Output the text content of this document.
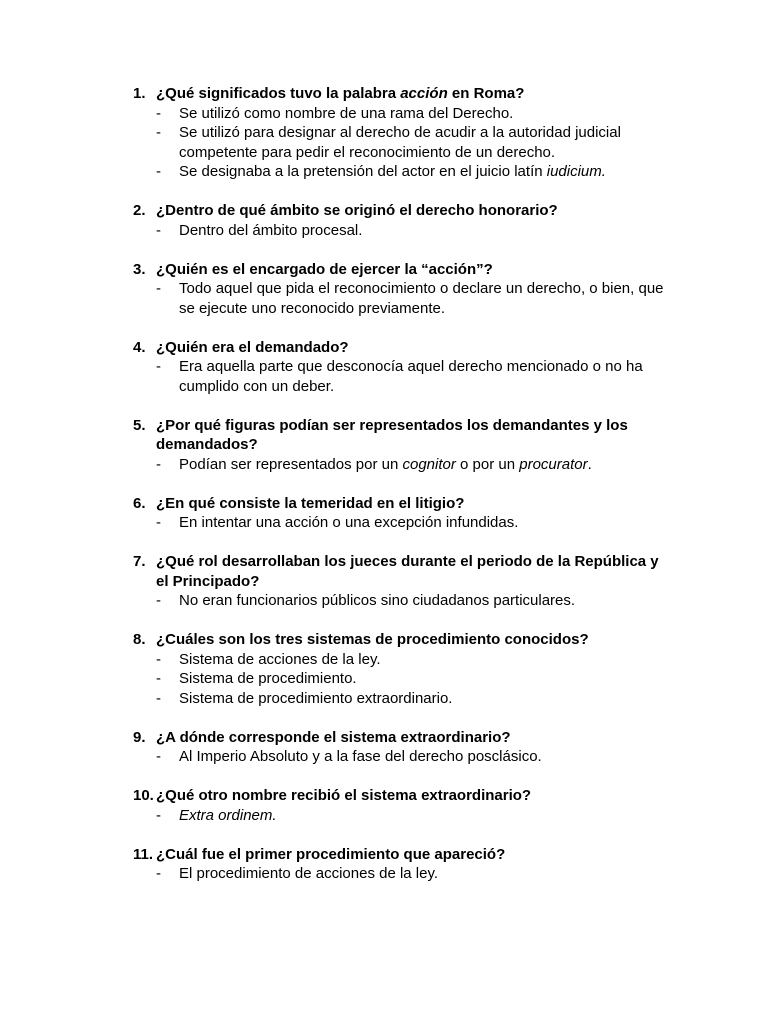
1. ¿Qué significados tuvo la palabra acción en Roma?
-	Se utilizó como nombre de una rama del Derecho.
-	Se utilizó para designar al derecho de acudir a la autoridad judicial competente para pedir el reconocimiento de un derecho.
-	Se designaba a la pretensión del actor en el juicio latín iudicium.
2. ¿Dentro de qué ámbito se originó el derecho honorario?
-	Dentro del ámbito procesal.
3. ¿Quién es el encargado de ejercer la “acción”?
-	Todo aquel que pida el reconocimiento o declare un derecho, o bien, que se ejecute uno reconocido previamente.
4. ¿Quién era el demandado?
-	Era aquella parte que desconocía aquel derecho mencionado o no ha cumplido con un deber.
5. ¿Por qué figuras podían ser representados los demandantes y los demandados?
-	Podían ser representados por un cognitor o por un procurator.
6. ¿En qué consiste la temeridad en el litigio?
-	En intentar una acción o una excepción infundidas.
7. ¿Qué rol desarrollaban los jueces durante el periodo de la República y el Principado?
-	No eran funcionarios públicos sino ciudadanos particulares.
8. ¿Cuáles son los tres sistemas de procedimiento conocidos?
-	Sistema de acciones de la ley.
-	Sistema de procedimiento.
-	Sistema de procedimiento extraordinario.
9. ¿A dónde corresponde el sistema extraordinario?
-	Al Imperio Absoluto y a la fase del derecho posclásico.
10. ¿Qué otro nombre recibió el sistema extraordinario?
-	Extra ordinem.
11. ¿Cuál fue el primer procedimiento que apareció?
-	El procedimiento de acciones de la ley.
